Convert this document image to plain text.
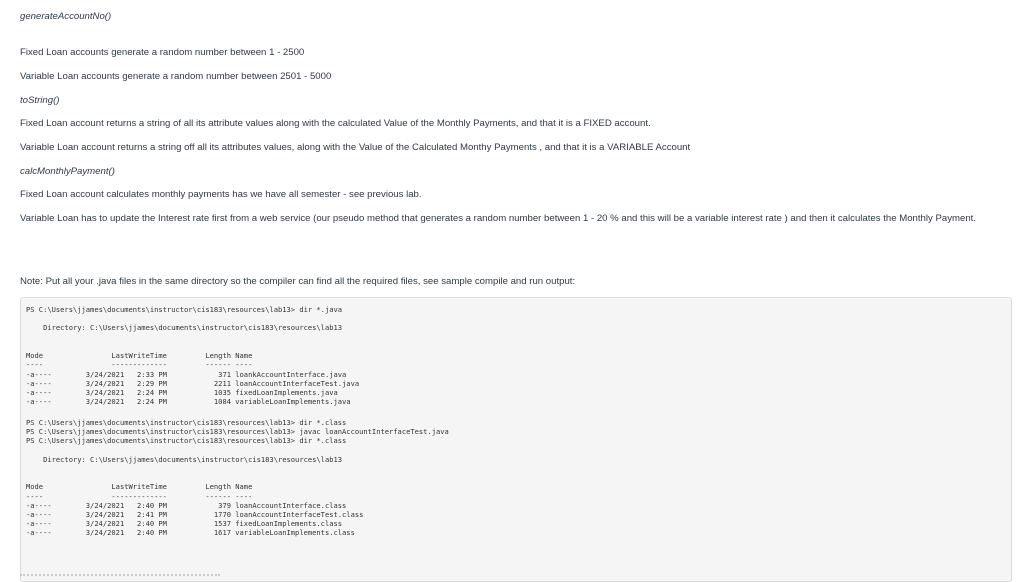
generateAccountNo()

Fixed Loan accounts generate a random number between 1 - 2500

Variable Loan accounts generate a random number between 2501 - 5000

toString()

Fixed Loan account returns a string of all its attribute values along with the calculated Value of the Monthly Payments, and that it is a FIXED account.

Variable Loan account returns a string off all its attributes values, along with the Value of the Calculated Monthy Payments , and that it is a VARIABLE Account

calcMonthlyPayment()

Fixed Loan account calculates monthly payments has we have all semester - see previous lab.

Variable Loan has to update the Interest rate first from a web service (our pseudo method that generates a random number between 1 - 20 % and this will be a variable interest rate ) and then it calculates the Monthly Payment.

Note: Put all your .java files in the same directory so the compiler can find all the required files, see sample compile and run output:

PS C:\Users\jjames\documents\instructor\cis183\resources\lab13> dir *.java
Directory: C:\Users\jjames\documents\instructor\cis183\resources\lab13
Mode                LastWriteTime         Length Name
----                -------------         ------ ----
-a----        3/24/2021   2:33 PM            371 loankAccountInterface.java
-a----        3/24/2021   2:29 PM           2211 loanAccountInterfaceTest.java
-a----        3/24/2021   2:24 PM           1035 fixedLoanImplements.java
-a----        3/24/2021   2:24 PM           1084 variableLoanImplements.java
PS C:\Users\jjames\documents\instructor\cis183\resources\lab13> dir *.class
PS C:\Users\jjames\documents\instructor\cis183\resources\lab13> javac loanAccountInterfaceTest.java
PS C:\Users\jjames\documents\instructor\cis183\resources\lab13> dir *.class
Directory: C:\Users\jjames\documents\instructor\cis183\resources\lab13
Mode                LastWriteTime         Length Name
----                -------------         ------ ----
-a----        3/24/2021   2:40 PM            379 loanAccountInterface.class
-a----        3/24/2021   2:41 PM           1770 loanAccountInterfaceTest.class
-a----        3/24/2021   2:40 PM           1537 fixedLoanImplements.class
-a----        3/24/2021   2:40 PM           1617 variableLoanImplements.class
